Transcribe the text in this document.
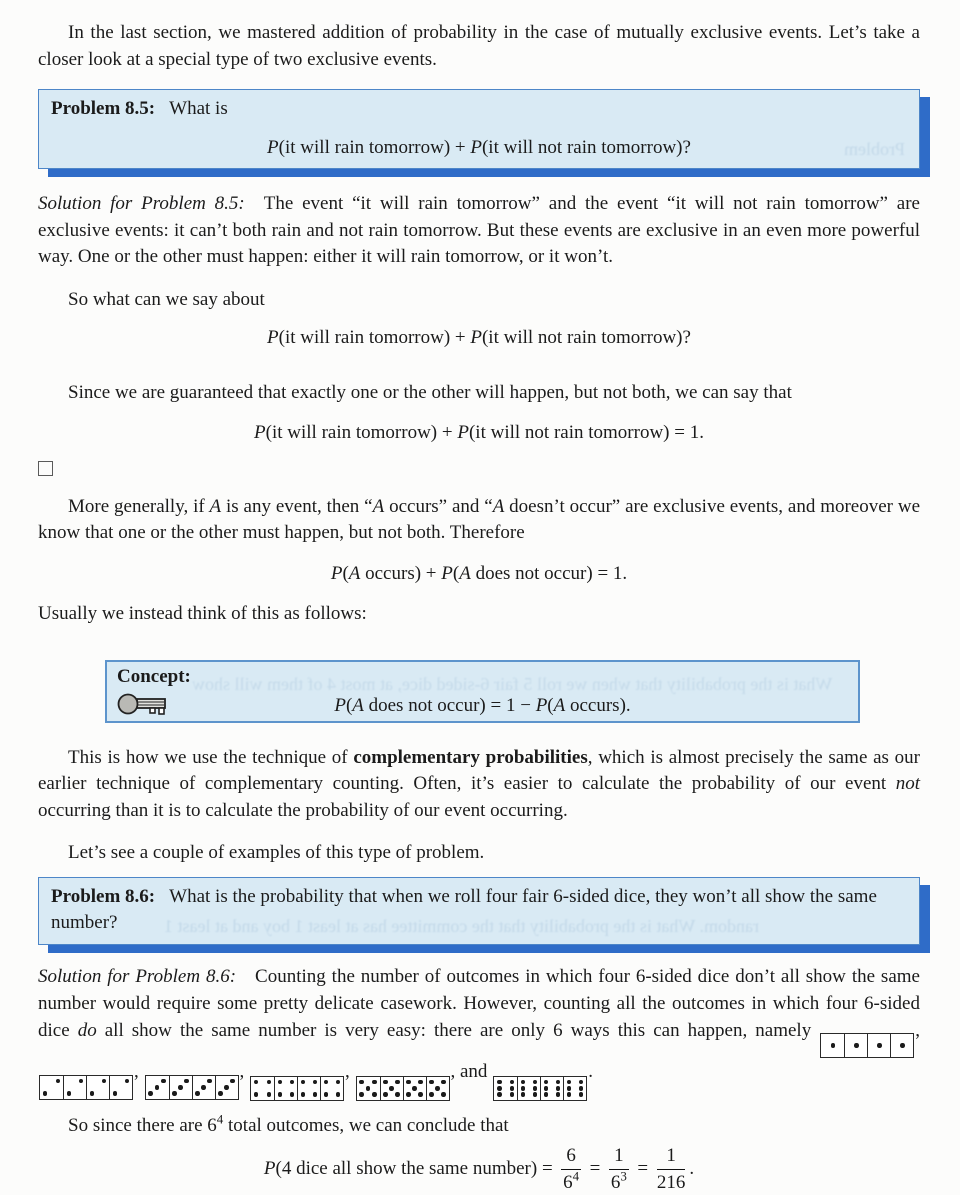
In the last section, we mastered addition of probability in the case of mutually exclusive events. Let’s take a closer look at a special type of two exclusive events.

Problem 8.5: What is
P(it will rain tomorrow) + P(it will not rain tomorrow)?	Problem

Solution for Problem 8.5:  The event “it will rain tomorrow” and the event “it will not rain tomorrow” are exclusive events: it can’t both rain and not rain tomorrow. But these events are exclusive in an even more powerful way. One or the other must happen: either it will rain tomorrow, or it won’t.

So what can we say about

P(it will rain tomorrow) + P(it will not rain tomorrow)?

Since we are guaranteed that exactly one or the other will happen, but not both, we can say that

P(it will rain tomorrow) + P(it will not rain tomorrow) = 1.

More generally, if A is any event, then “A occurs” and “A doesn’t occur” are exclusive events, and moreover we know that one or the other must happen, but not both. Therefore

P(A occurs) + P(A does not occur) = 1.

Usually we instead think of this as follows:

Concept:
P(A does not occur) = 1 − P(A occurs).
What is the probability that when we roll 5 fair 6-sided dice, at most 4 of them will show

This is how we use the technique of complementary probabilities, which is almost precisely the same as our earlier technique of complementary counting. Often, it’s easier to calculate the probability of our event not occurring than it is to calculate the probability of our event occurring.

Let’s see a couple of examples of this type of problem.

Problem 8.6: What is the probability that when we roll four fair 6-sided dice, they won’t all show the same number?	random. What is the probability that the committee has at least 1 boy and at least 1

Solution for Problem 8.6:  Counting the number of outcomes in which four 6-sided dice don’t all show the same number would require some pretty delicate casework. However, counting all the outcomes in which four 6-sided dice do all show the same number is very easy: there are only 6 ways this can happen, namely	,
,	,	,	, and	.

So since there are $6^4$ total outcomes, we can conclude that

P(4 dice all show the same number) = $\frac{6}{6^4} = \frac{1}{6^3} = \frac{1}{216}$ .
